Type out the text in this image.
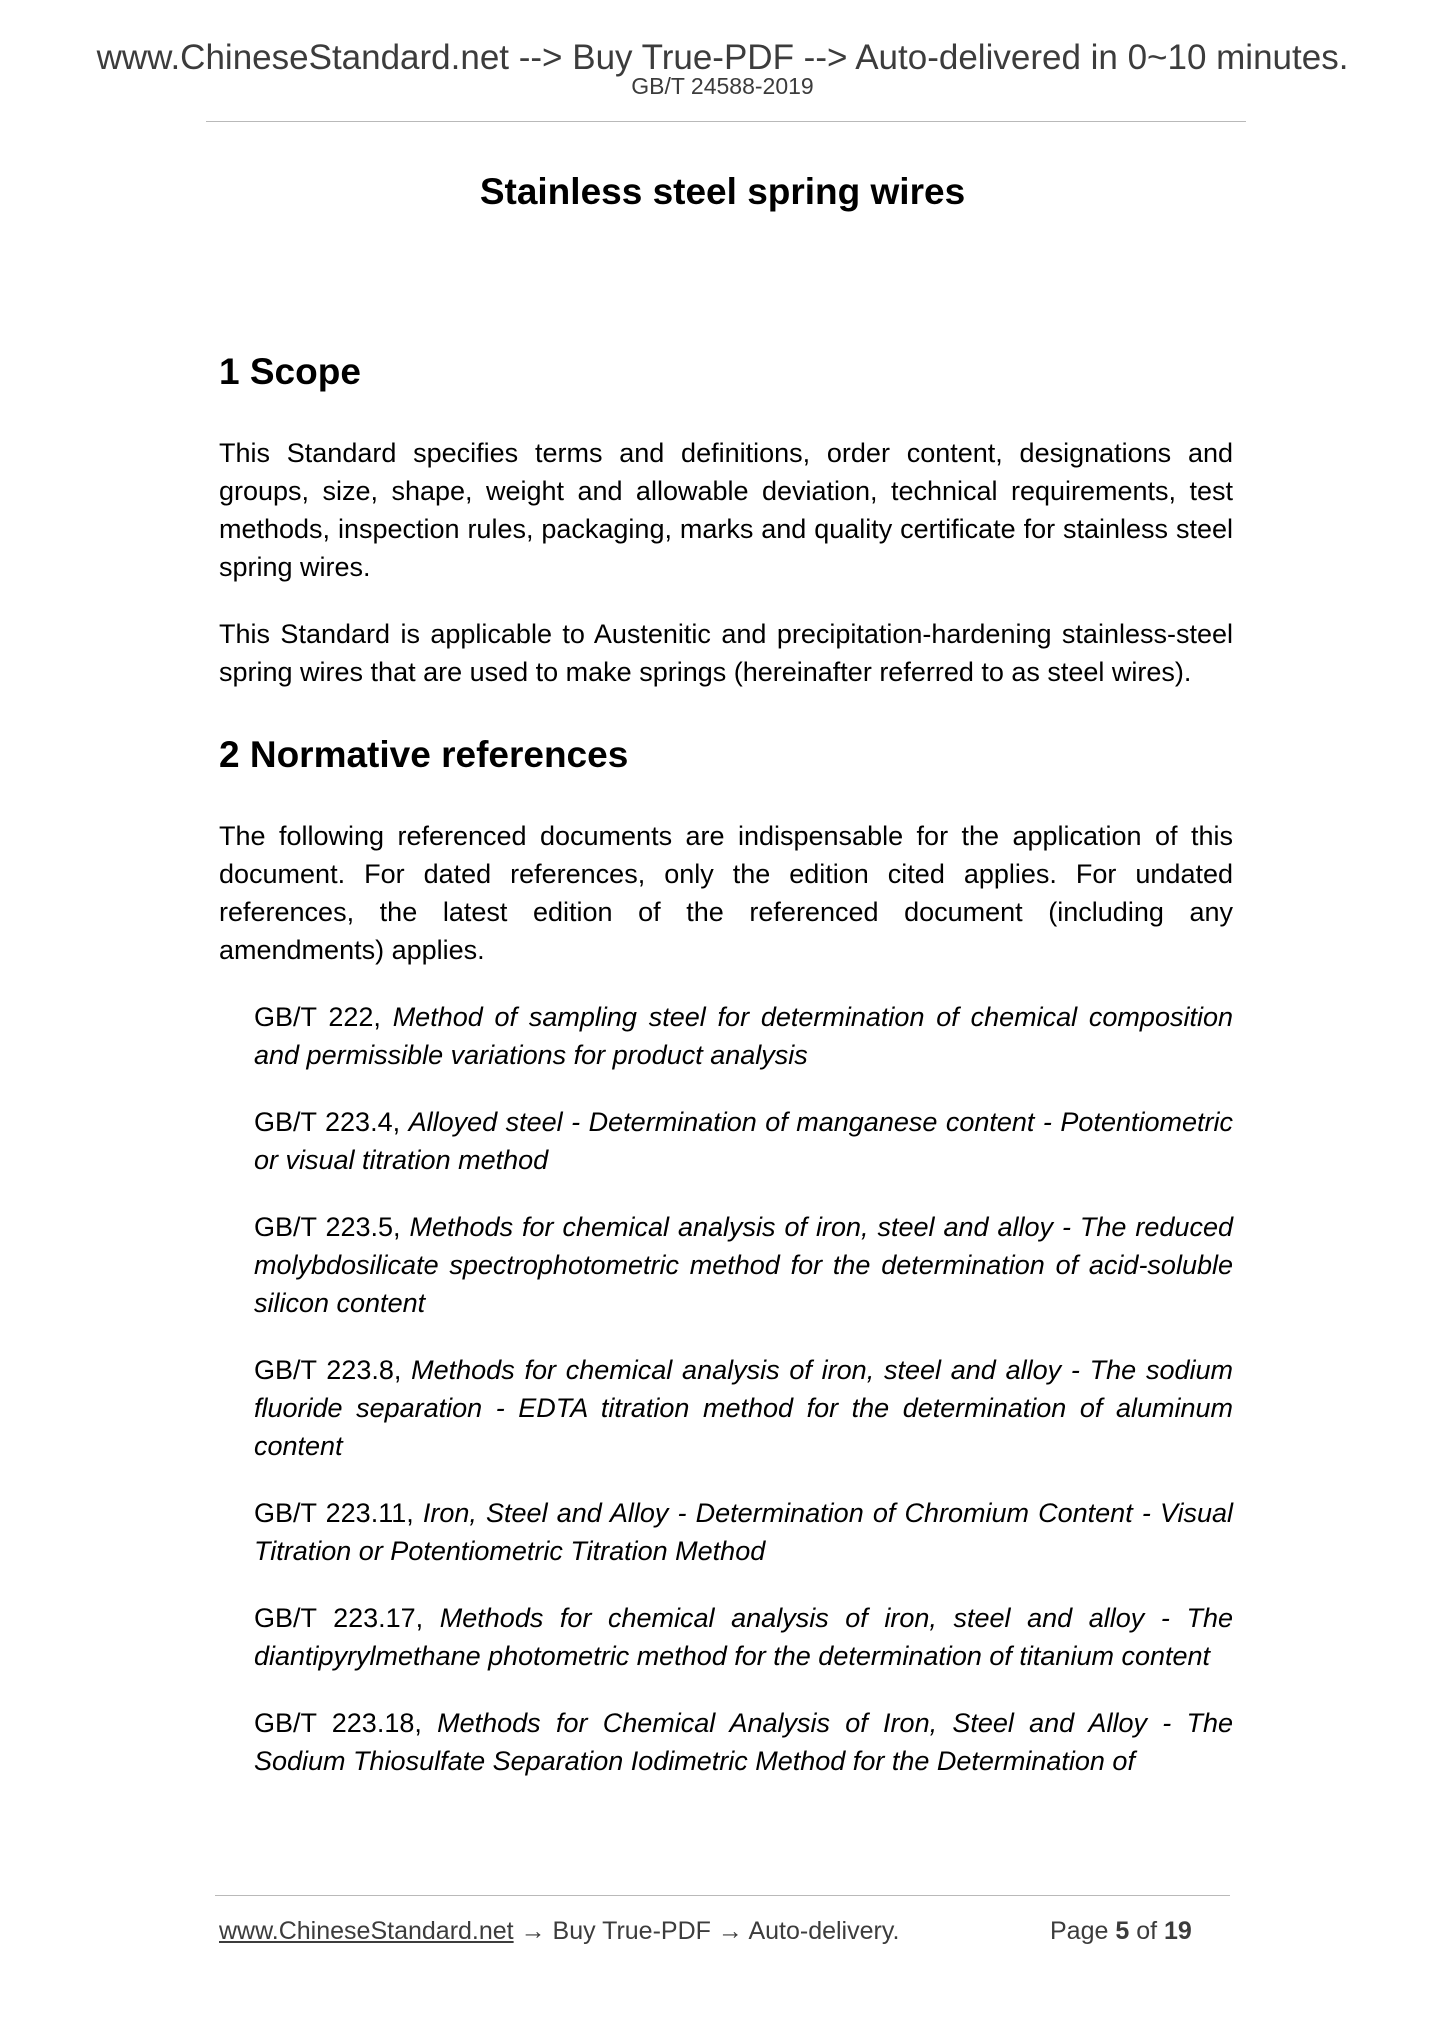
www.ChineseStandard.net --> Buy True-PDF --> Auto-delivered in 0~10 minutes.
GB/T 24588-2019
Stainless steel spring wires
1 Scope

This Standard specifies terms and definitions, order content, designations and groups, size, shape, weight and allowable deviation, technical requirements, test methods, inspection rules, packaging, marks and quality certificate for stainless steel spring wires.

This Standard is applicable to Austenitic and precipitation-hardening stainless-steel spring wires that are used to make springs (hereinafter referred to as steel wires).

2 Normative references

The following referenced documents are indispensable for the application of this document. For dated references, only the edition cited applies. For undated references, the latest edition of the referenced document (including any amendments) applies.

GB/T 222, Method of sampling steel for determination of chemical composition and permissible variations for product analysis

GB/T 223.4, Alloyed steel - Determination of manganese content - Potentiometric or visual titration method

GB/T 223.5, Methods for chemical analysis of iron, steel and alloy - The reduced molybdosilicate spectrophotometric method for the determination of acid-soluble silicon content

GB/T 223.8, Methods for chemical analysis of iron, steel and alloy - The sodium fluoride separation - EDTA titration method for the determination of aluminum content

GB/T 223.11, Iron, Steel and Alloy - Determination of Chromium Content - Visual Titration or Potentiometric Titration Method

GB/T 223.17, Methods for chemical analysis of iron, steel and alloy - The diantipyrylmethane photometric method for the determination of titanium content

GB/T 223.18, Methods for Chemical Analysis of Iron, Steel and Alloy - The Sodium Thiosulfate Separation Iodimetric Method for the Determination of

www.ChineseStandard.net → Buy True-PDF → Auto-delivery.	Page 5 of 19
